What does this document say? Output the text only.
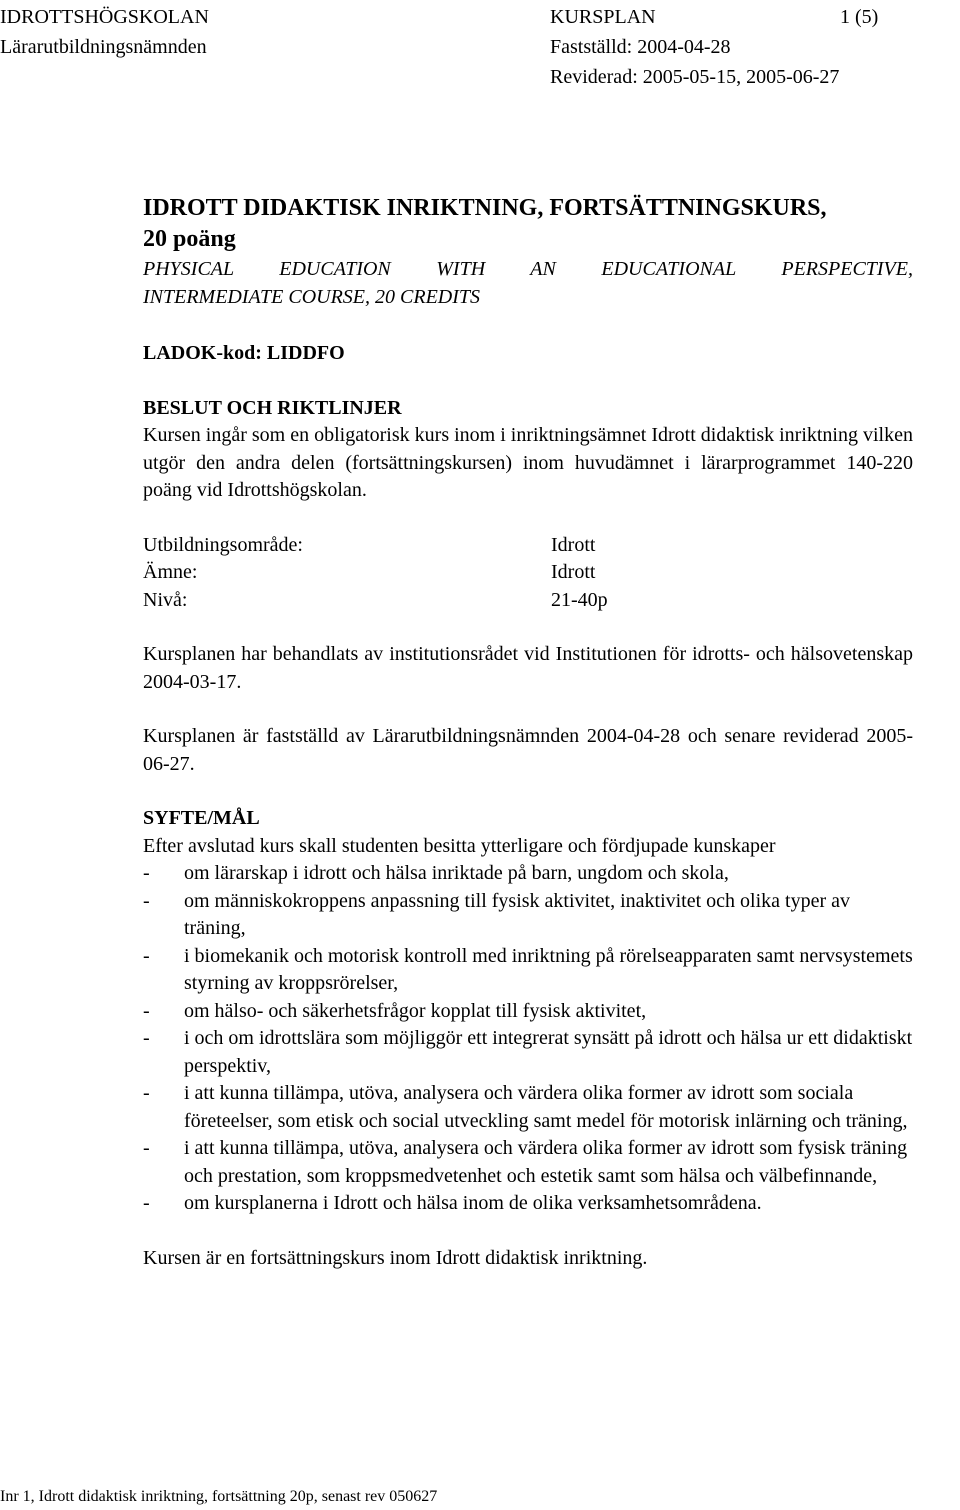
IDROTTSHÖGSKOLAN
Lärarutbildningsnämnden
KURSPLAN
Fastställd: 2004-04-28
Reviderad: 2005-05-15, 2005-06-27
1 (5)
IDROTT DIDAKTISK INRIKTNING, FORTSÄTTNINGSKURS,
20 poäng
PHYSICAL EDUCATION WITH AN EDUCATIONAL PERSPECTIVE,
INTERMEDIATE COURSE, 20 CREDITS
LADOK-kod: LIDDFO
BESLUT OCH RIKTLINJER

Kursen ingår som en obligatorisk kurs inom i inriktningsämnet Idrott didaktisk inriktning vilken utgör den andra delen (fortsättningskursen) inom huvudämnet i lärarprogrammet 140-220 poäng vid Idrottshögskolan.

Utbildningsområde:	Idrott
Ämne:	Idrott
Nivå:	21-40p

Kursplanen har behandlats av institutionsrådet vid Institutionen för idrotts- och hälsovetenskap 2004-03-17.

Kursplanen är fastställd av Lärarutbildningsnämnden 2004-04-28 och senare reviderad 2005-06-27.

SYFTE/MÅL
Efter avslutad kurs skall studenten besitta ytterligare och fördjupade kunskaper
- om lärarskap i idrott och hälsa inriktade på barn, ungdom och skola,
- om människokroppens anpassning till fysisk aktivitet, inaktivitet och olika typer av träning,
- i biomekanik och motorisk kontroll med inriktning på rörelseapparaten samt nervsystemets styrning av kroppsrörelser,
- om hälso- och säkerhetsfrågor kopplat till fysisk aktivitet,
- i och om idrottslära som möjliggör ett integrerat synsätt på idrott och hälsa ur ett didaktiskt perspektiv,
- i att kunna tillämpa, utöva, analysera och värdera olika former av idrott som sociala företeelser, som etisk och social utveckling samt medel för motorisk inlärning och träning,
- i att kunna tillämpa, utöva, analysera och värdera olika former av idrott som fysisk träning och prestation, som kroppsmedvetenhet och estetik samt som hälsa och välbefinnande,
- om kursplanerna i Idrott och hälsa inom de olika verksamhetsområdena.

Kursen är en fortsättningskurs inom Idrott didaktisk inriktning.

Inr 1, Idrott didaktisk inriktning, fortsättning 20p, senast rev 050627
